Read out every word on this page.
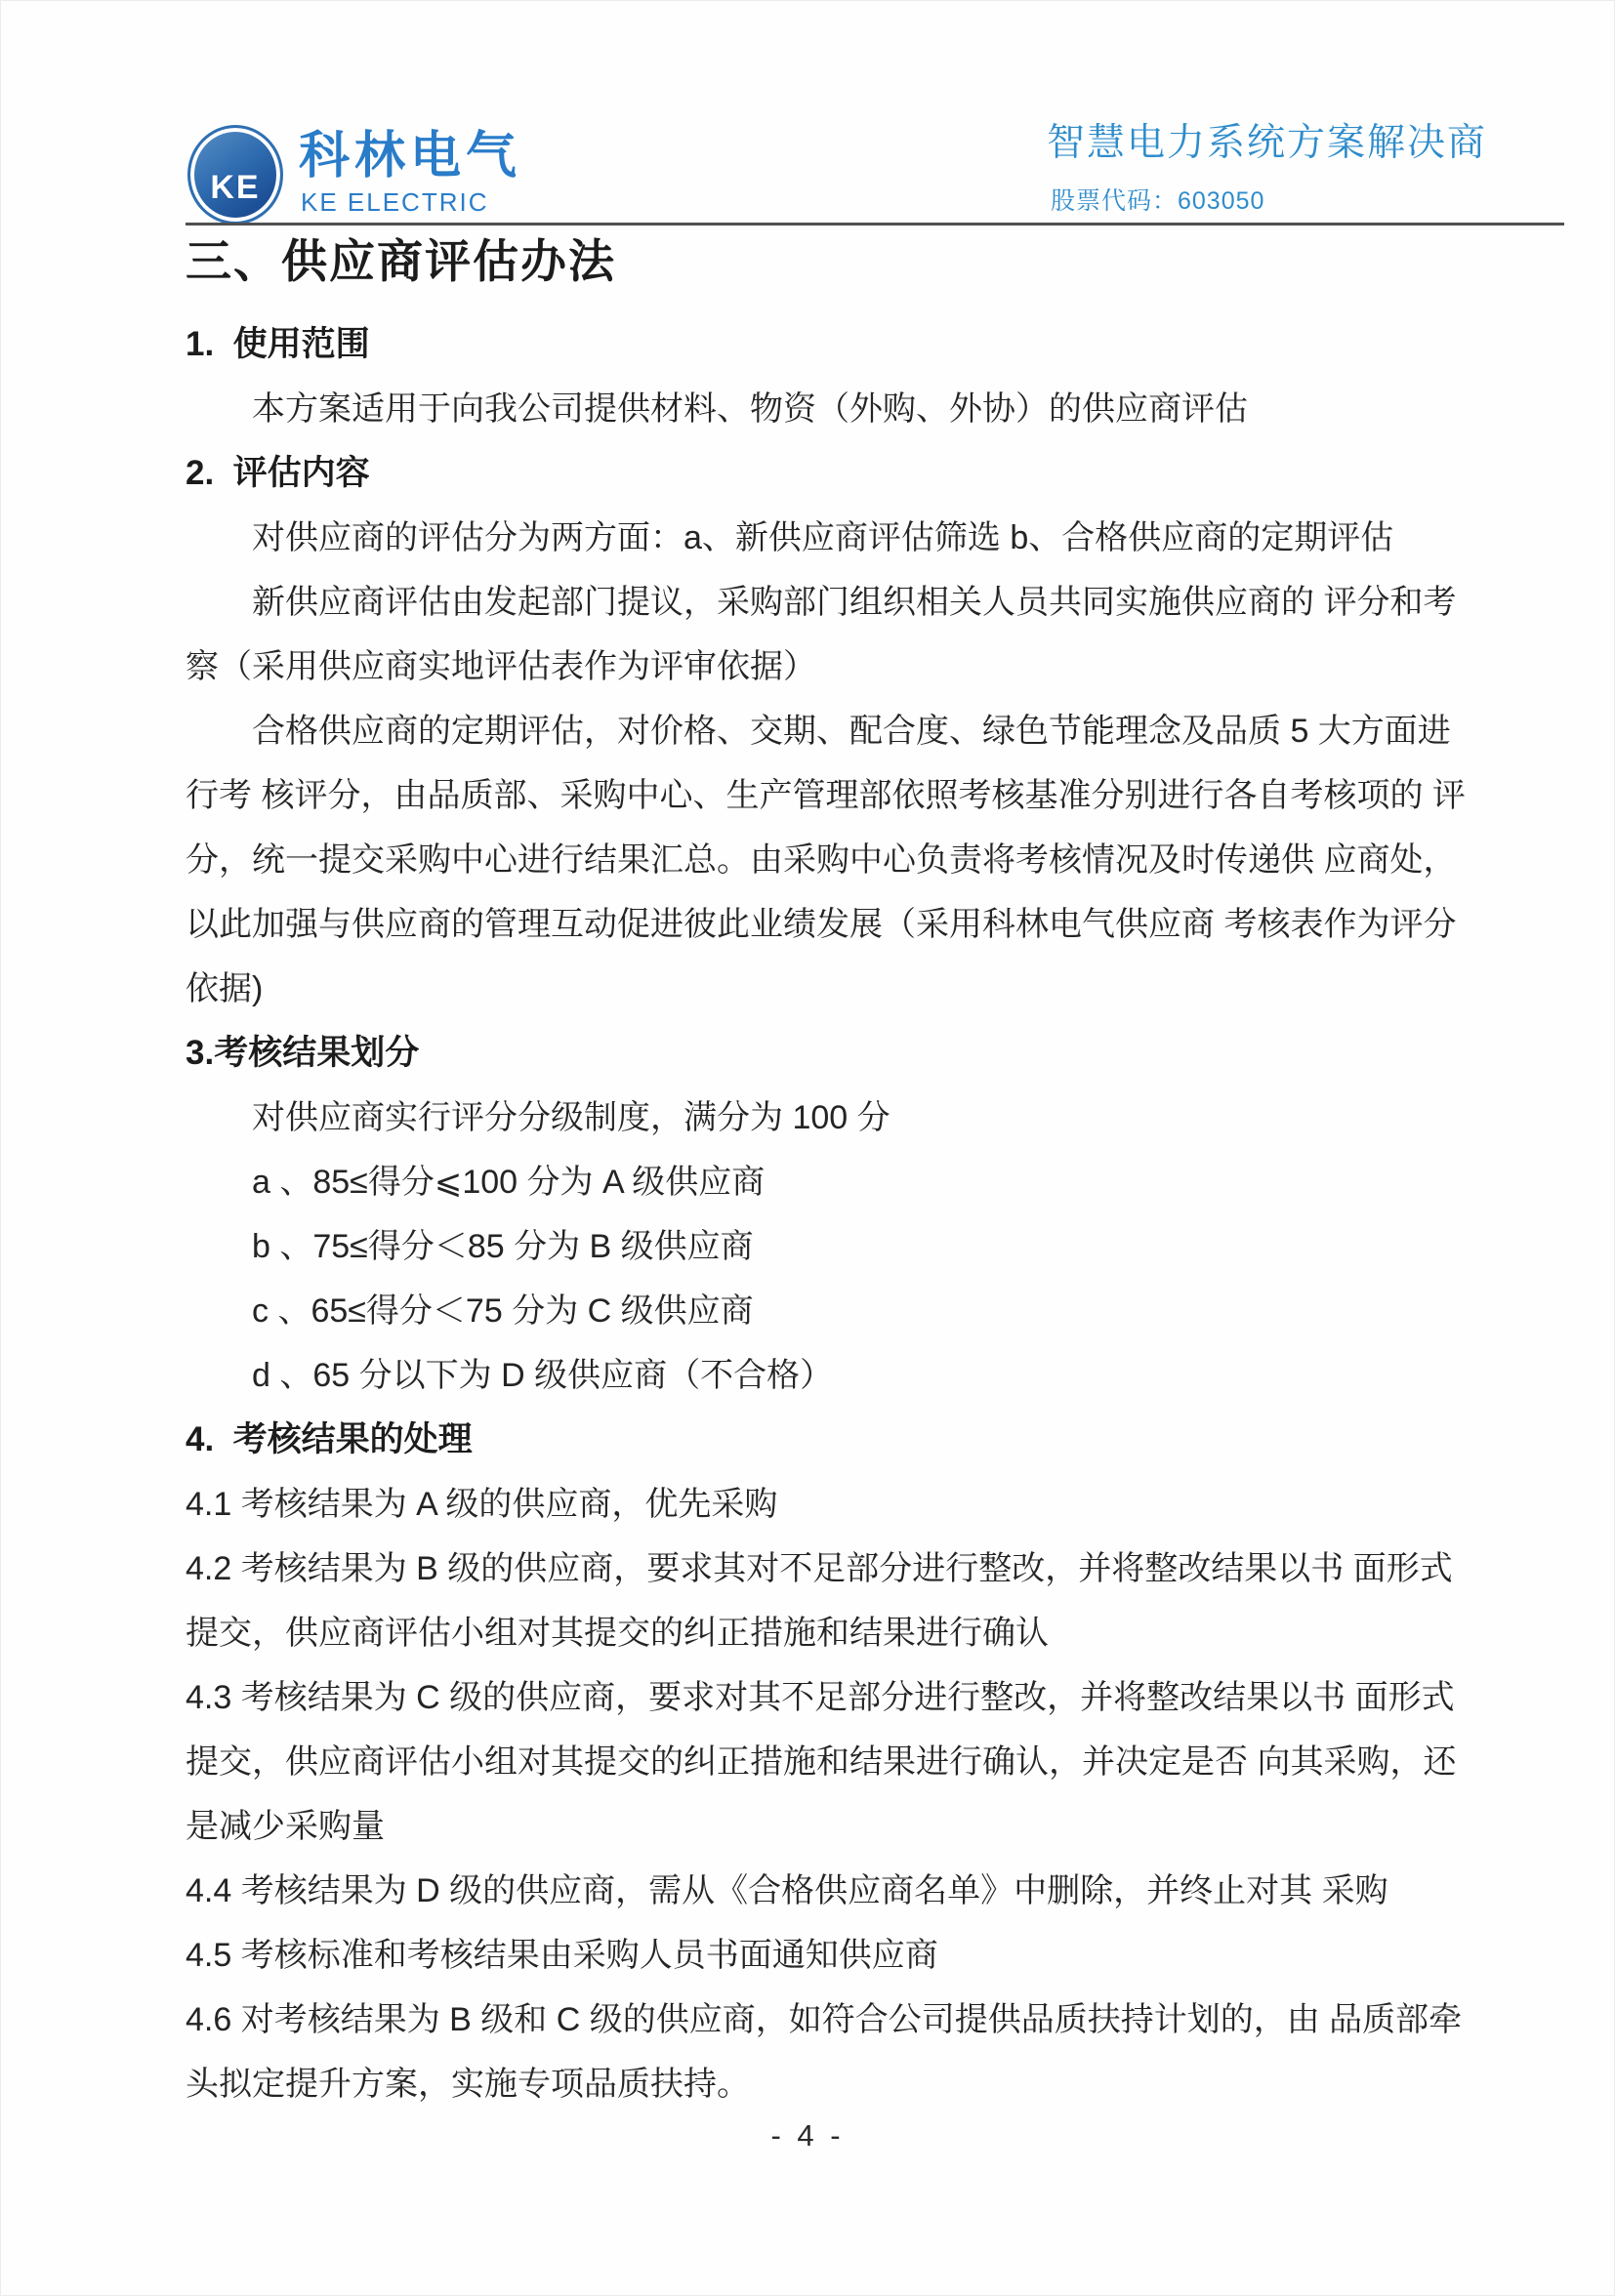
KE
科林电气
KE ELECTRIC
智慧电力系统方案解决商
股票代码：603050
三、供应商评估办法
1.  使用范围
本方案适用于向我公司提供材料、物资（外购、外协）的供应商评估
2.  评估内容
对供应商的评估分为两方面：a、新供应商评估筛选 b、合格供应商的定期评估
新供应商评估由发起部门提议，采购部门组织相关人员共同实施供应商的 评分和考
察（采用供应商实地评估表作为评审依据）
合格供应商的定期评估，对价格、交期、配合度、绿色节能理念及品质 5 大方面进
行考 核评分，由品质部、采购中心、生产管理部依照考核基准分别进行各自考核项的 评
分，统一提交采购中心进行结果汇总。由采购中心负责将考核情况及时传递供 应商处，
以此加强与供应商的管理互动促进彼此业绩发展（采用科林电气供应商 考核表作为评分
依据)
3.考核结果划分
对供应商实行评分分级制度，满分为 100 分
a 、85≤得分⩽100 分为 A 级供应商
b 、75≤得分＜85 分为 B 级供应商
c 、65≤得分＜75 分为 C 级供应商
d 、65 分以下为 D 级供应商（不合格）
4.  考核结果的处理
4.1 考核结果为 A 级的供应商，优先采购
4.2 考核结果为 B 级的供应商，要求其对不足部分进行整改，并将整改结果以书 面形式
提交，供应商评估小组对其提交的纠正措施和结果进行确认
4.3 考核结果为 C 级的供应商，要求对其不足部分进行整改，并将整改结果以书 面形式
提交，供应商评估小组对其提交的纠正措施和结果进行确认，并决定是否 向其采购，还
是减少采购量
4.4 考核结果为 D 级的供应商，需从《合格供应商名单》中删除，并终止对其 采购
4.5 考核标准和考核结果由采购人员书面通知供应商
4.6 对考核结果为 B 级和 C 级的供应商，如符合公司提供品质扶持计划的，由 品质部牵
头拟定提升方案，实施专项品质扶持。
- 4 -
